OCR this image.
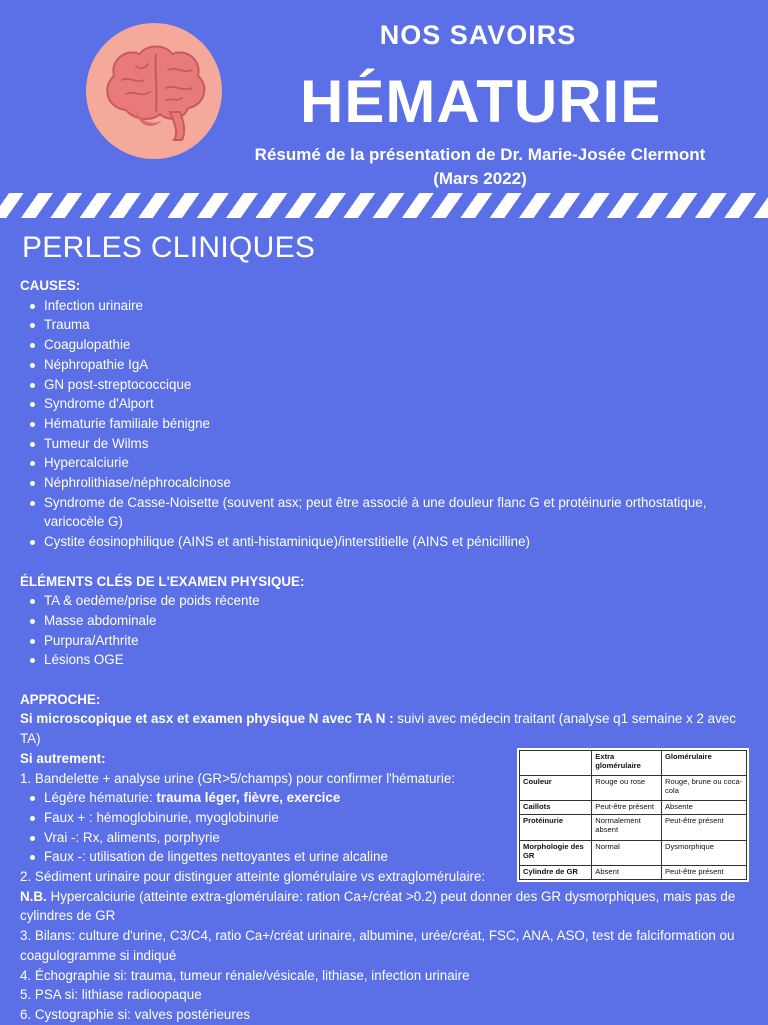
NOS SAVOIRS
HÉMATURIE
Résumé de la présentation de Dr. Marie-Josée Clermont
(Mars 2022)
PERLES CLINIQUES
CAUSES:
Infection urinaire
Trauma
Coagulopathie
Néphropathie IgA
GN post-streptococcique
Syndrome d'Alport
Hématurie familiale bénigne
Tumeur de Wilms
Hypercalciurie
Néphrolithiase/néphrocalcinose
Syndrome de Casse-Noisette (souvent asx; peut être associé à une douleur flanc G et protéinurie orthostatique, varicocèle G)
Cystite éosinophilique (AINS et anti-histaminique)/interstitielle (AINS et pénicilline)
ÉLÉMENTS CLÉS DE L'EXAMEN PHYSIQUE:
TA & oedème/prise de poids récente
Masse abdominale
Purpura/Arthrite
Lésions OGE
APPROCHE:
Si microscopique et asx et examen physique N avec TA N : suivi avec médecin traitant (analyse q1 semaine x 2 avec TA)
Si autrement:
1. Bandelette + analyse urine (GR>5/champs) pour confirmer l'hématurie:
Légère hématurie: trauma léger, fièvre, exercice
Faux + : hémoglobinurie, myoglobinurie
Vrai -: Rx, aliments, porphyrie
Faux -: utilisation de lingettes nettoyantes et urine alcaline
2. Sédiment urinaire pour distinguer atteinte glomérulaire vs extraglomérulaire:
N.B. Hypercalciurie (atteinte extra-glomérulaire: ration Ca+/créat >0.2) peut donner des GR dysmorphiques, mais pas de cylindres de GR
3. Bilans: culture d'urine, C3/C4, ratio Ca+/créat urinaire, albumine, urée/créat, FSC, ANA, ASO, test de falciformation ou coagulogramme si indiqué
4. Échographie si: trauma, tumeur rénale/vésicale, lithiase, infection urinaire
5. PSA si: lithiase radioopaque
6. Cystographie si: valves postérieures
	Extra glomérulaire	Glomérulaire
Couleur	Rouge ou rose	Rouge, brune ou coca-cola
Caillots	Peut-être présent	Absente
Protéinurie	Normalement absent	Peut-être présent
Morphologie des GR	Normal	Dysmorphique
Cylindre de GR	Absent	Peut-être présent
